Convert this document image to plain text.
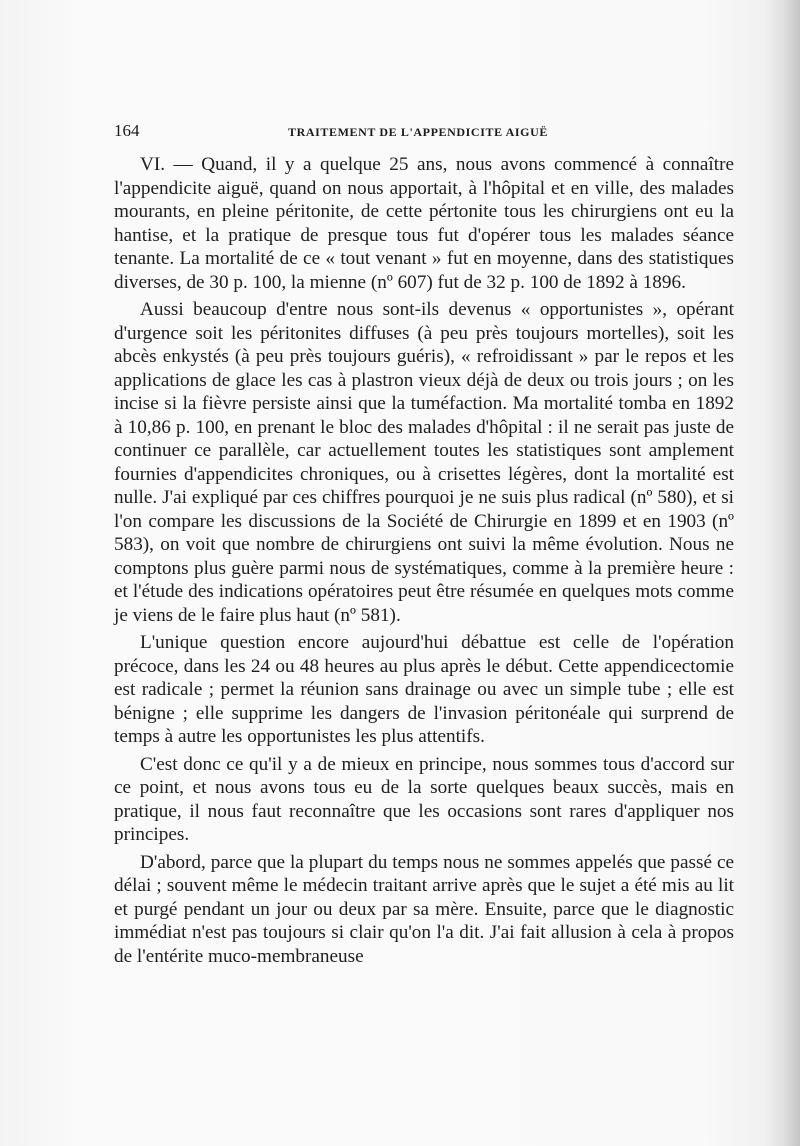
164	TRAITEMENT DE L'APPENDICITE AIGUË

VI. — Quand, il y a quelque 25 ans, nous avons commencé à connaître l'appendicite aiguë, quand on nous apportait, à l'hôpital et en ville, des malades mourants, en pleine péritonite, de cette pértonite tous les chirurgiens ont eu la hantise, et la pratique de presque tous fut d'opérer tous les malades séance tenante. La mortalité de ce « tout venant » fut en moyenne, dans des statistiques diverses, de 30 p. 100, la mienne (nº 607) fut de 32 p. 100 de 1892 à 1896.

Aussi beaucoup d'entre nous sont-ils devenus « opportunistes », opérant d'urgence soit les péritonites diffuses (à peu près toujours mortelles), soit les abcès enkystés (à peu près toujours guéris), « refroidissant » par le repos et les applications de glace les cas à plastron vieux déjà de deux ou trois jours ; on les incise si la fièvre persiste ainsi que la tuméfaction. Ma mortalité tomba en 1892 à 10,86 p. 100, en prenant le bloc des malades d'hôpital : il ne serait pas juste de continuer ce parallèle, car actuellement toutes les statistiques sont amplement fournies d'appendicites chroniques, ou à crisettes légères, dont la mortalité est nulle. J'ai expliqué par ces chiffres pourquoi je ne suis plus radical (nº 580), et si l'on compare les discussions de la Société de Chirurgie en 1899 et en 1903 (nº 583), on voit que nombre de chirurgiens ont suivi la même évolution. Nous ne comptons plus guère parmi nous de systématiques, comme à la première heure : et l'étude des indications opératoires peut être résumée en quelques mots comme je viens de le faire plus haut (nº 581).

L'unique question encore aujourd'hui débattue est celle de l'opération précoce, dans les 24 ou 48 heures au plus après le début. Cette appendicectomie est radicale ; permet la réunion sans drainage ou avec un simple tube ; elle est bénigne ; elle supprime les dangers de l'invasion péritonéale qui surprend de temps à autre les opportunistes les plus attentifs.

C'est donc ce qu'il y a de mieux en principe, nous sommes tous d'accord sur ce point, et nous avons tous eu de la sorte quelques beaux succès, mais en pratique, il nous faut reconnaître que les occasions sont rares d'appliquer nos principes.

D'abord, parce que la plupart du temps nous ne sommes appelés que passé ce délai ; souvent même le médecin traitant arrive après que le sujet a été mis au lit et purgé pendant un jour ou deux par sa mère. Ensuite, parce que le diagnostic immédiat n'est pas toujours si clair qu'on l'a dit. J'ai fait allusion à cela à propos de l'entérite muco-membraneuse
